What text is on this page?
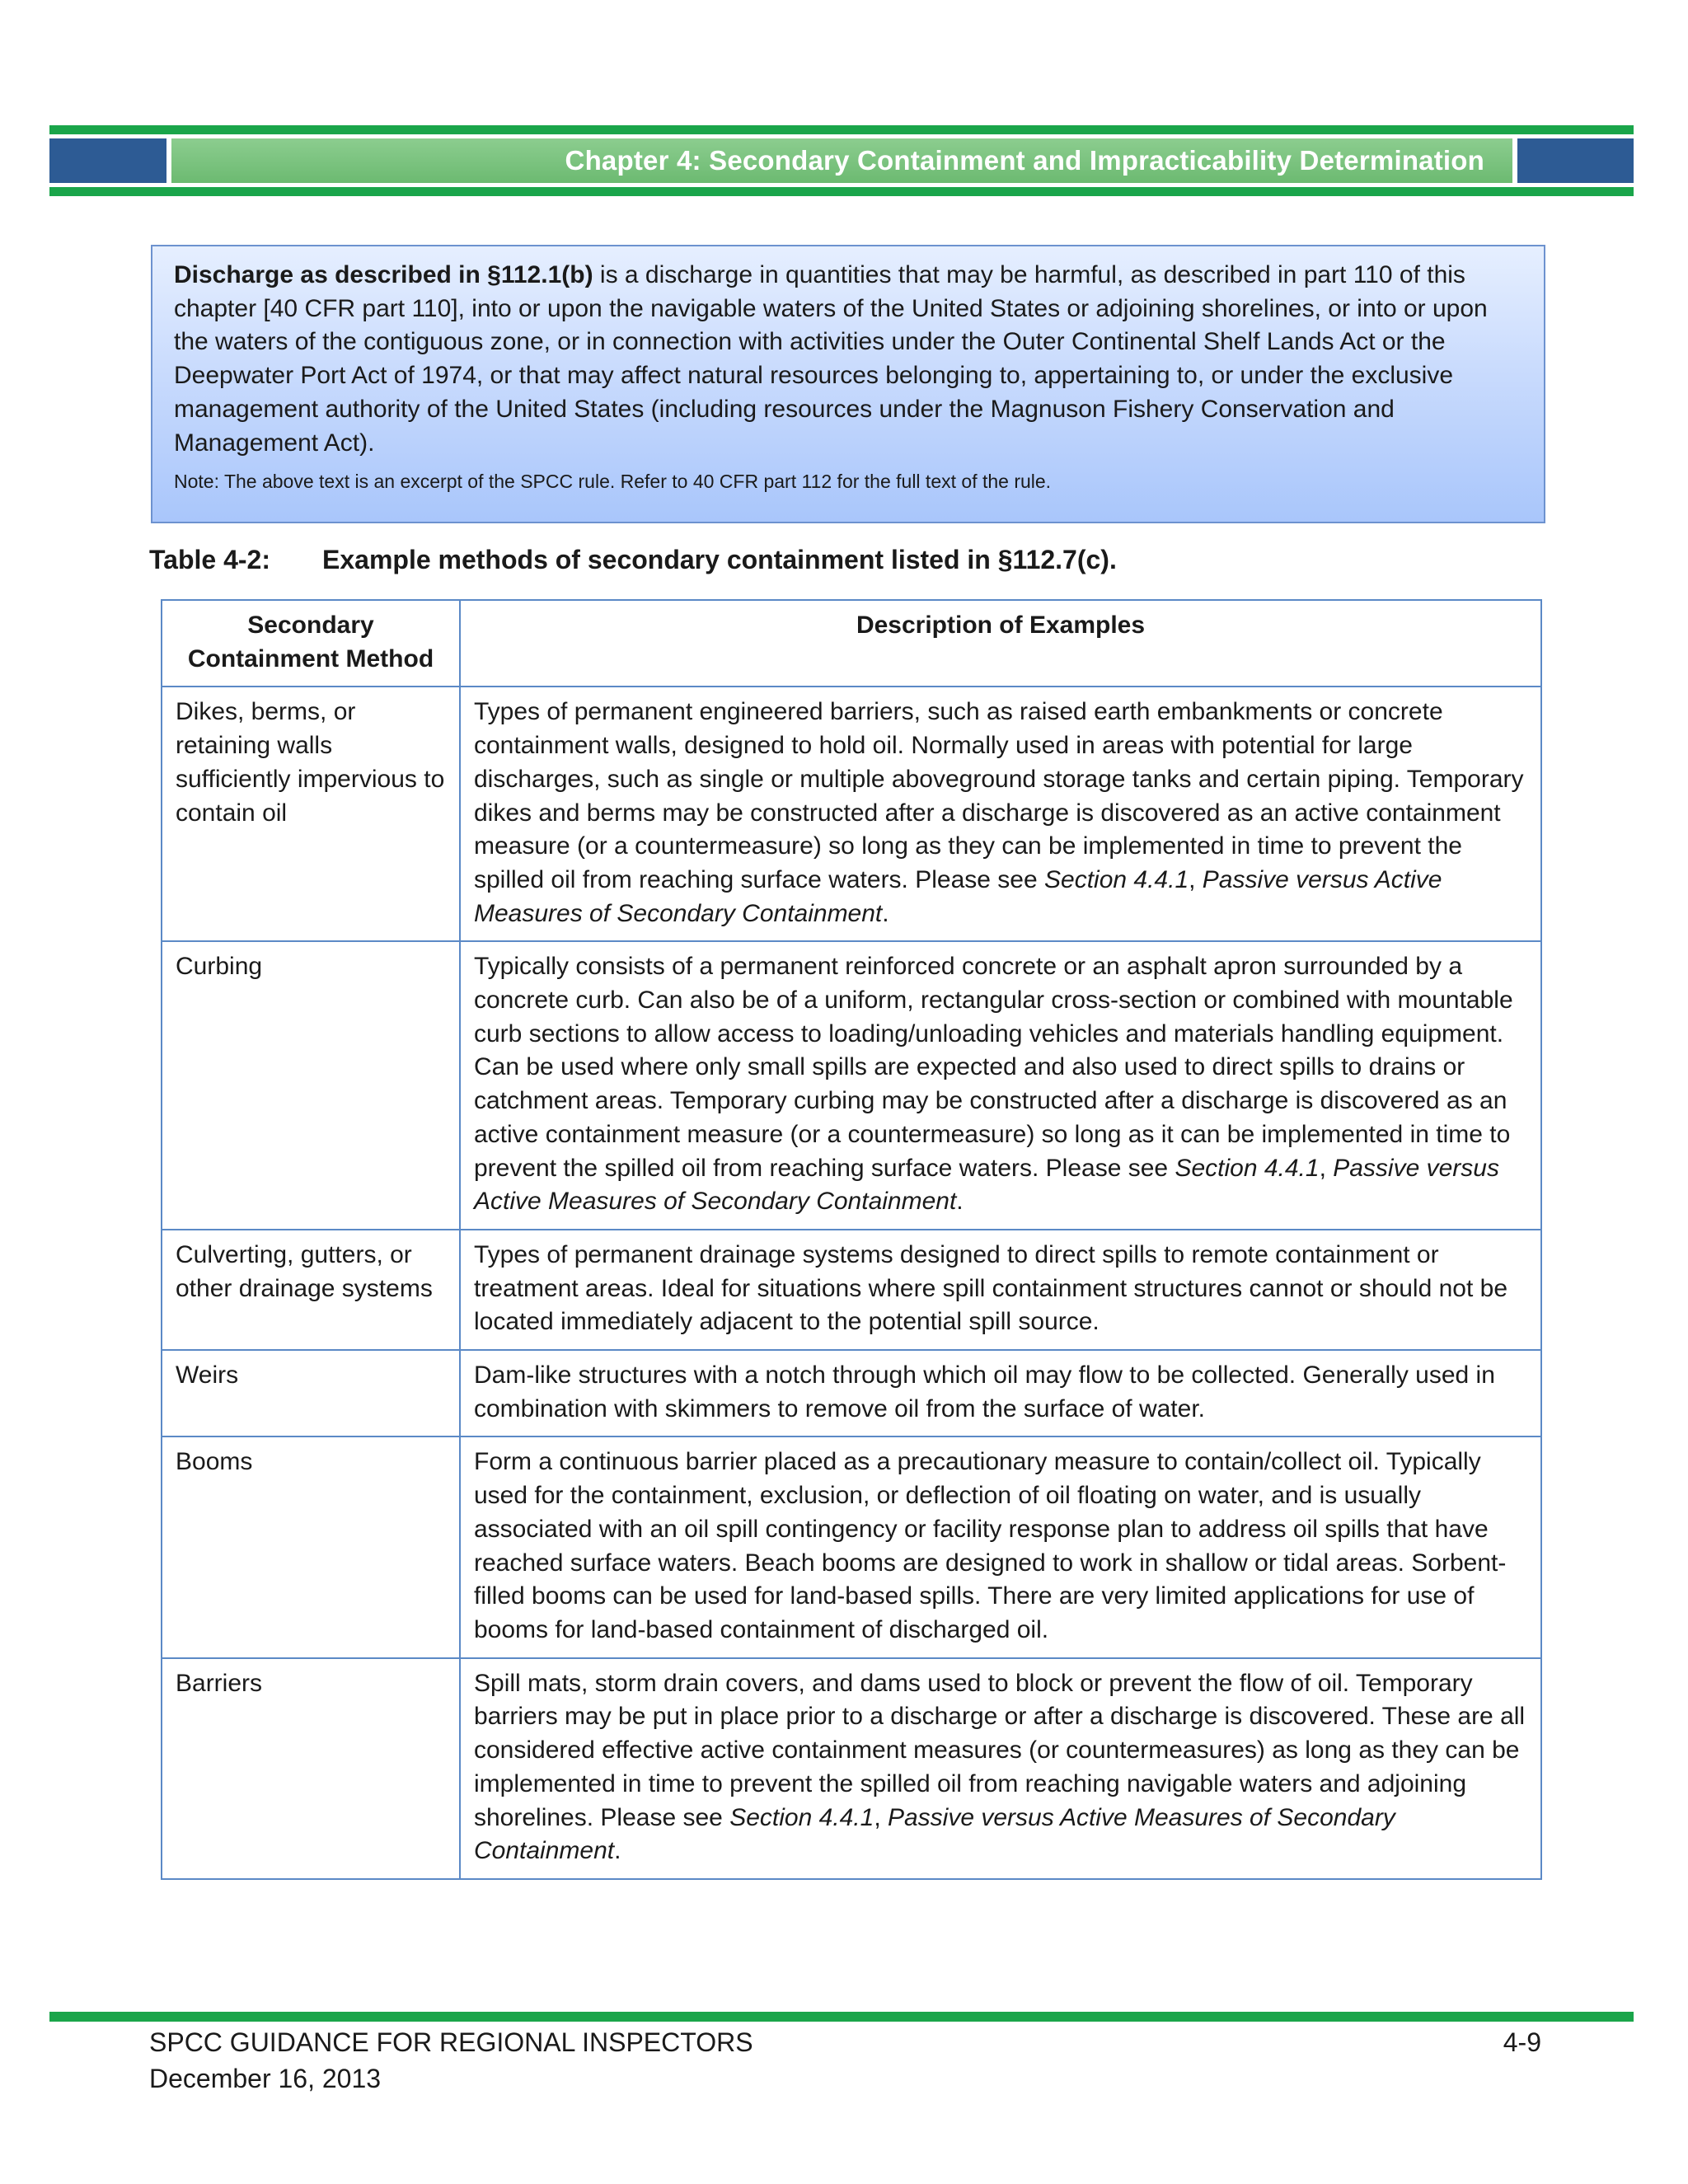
Chapter 4: Secondary Containment and Impracticability Determination

Discharge as described in §112.1(b) is a discharge in quantities that may be harmful, as described in part 110 of this chapter [40 CFR part 110], into or upon the navigable waters of the United States or adjoining shorelines, or into or upon the waters of the contiguous zone, or in connection with activities under the Outer Continental Shelf Lands Act or the Deepwater Port Act of 1974, or that may affect natural resources belonging to, appertaining to, or under the exclusive management authority of the United States (including resources under the Magnuson Fishery Conservation and Management Act).

Note: The above text is an excerpt of the SPCC rule. Refer to 40 CFR part 112 for the full text of the rule.

Table 4-2: Example methods of secondary containment listed in §112.7(c).
Secondary Containment Method	Description of Examples
Dikes, berms, or retaining walls sufficiently impervious to contain oil	Types of permanent engineered barriers, such as raised earth embankments or concrete containment walls, designed to hold oil. Normally used in areas with potential for large discharges, such as single or multiple aboveground storage tanks and certain piping. Temporary dikes and berms may be constructed after a discharge is discovered as an active containment measure (or a countermeasure) so long as they can be implemented in time to prevent the spilled oil from reaching surface waters. Please see Section 4.4.1, Passive versus Active Measures of Secondary Containment.
Curbing	Typically consists of a permanent reinforced concrete or an asphalt apron surrounded by a concrete curb. Can also be of a uniform, rectangular cross-section or combined with mountable curb sections to allow access to loading/unloading vehicles and materials handling equipment. Can be used where only small spills are expected and also used to direct spills to drains or catchment areas. Temporary curbing may be constructed after a discharge is discovered as an active containment measure (or a countermeasure) so long as it can be implemented in time to prevent the spilled oil from reaching surface waters. Please see Section 4.4.1, Passive versus Active Measures of Secondary Containment.
Culverting, gutters, or other drainage systems	Types of permanent drainage systems designed to direct spills to remote containment or treatment areas. Ideal for situations where spill containment structures cannot or should not be located immediately adjacent to the potential spill source.
Weirs	Dam-like structures with a notch through which oil may flow to be collected. Generally used in combination with skimmers to remove oil from the surface of water.
Booms	Form a continuous barrier placed as a precautionary measure to contain/collect oil. Typically used for the containment, exclusion, or deflection of oil floating on water, and is usually associated with an oil spill contingency or facility response plan to address oil spills that have reached surface waters. Beach booms are designed to work in shallow or tidal areas. Sorbent-filled booms can be used for land-based spills. There are very limited applications for use of booms for land-based containment of discharged oil.
Barriers	Spill mats, storm drain covers, and dams used to block or prevent the flow of oil. Temporary barriers may be put in place prior to a discharge or after a discharge is discovered. These are all considered effective active containment measures (or countermeasures) as long as they can be implemented in time to prevent the spilled oil from reaching navigable waters and adjoining shorelines. Please see Section 4.4.1, Passive versus Active Measures of Secondary Containment.
SPCC GUIDANCE FOR REGIONAL INSPECTORS
December 16, 2013
4-9
